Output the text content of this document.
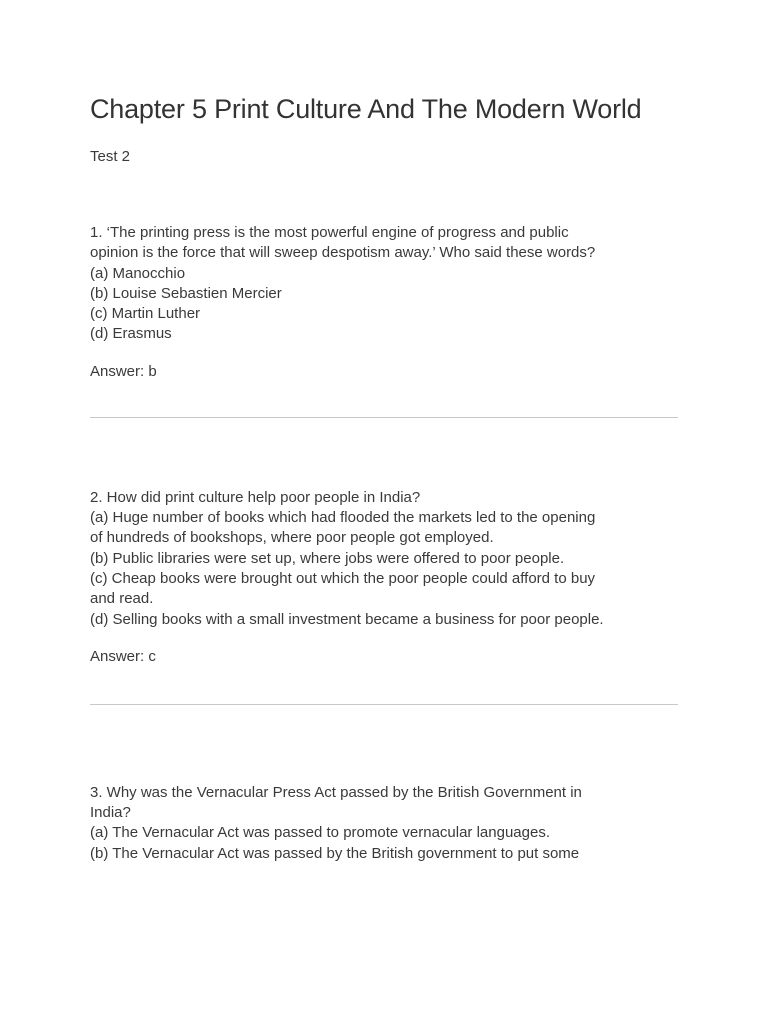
Chapter 5 Print Culture And The Modern World
Test 2
1. ‘The printing press is the most powerful engine of progress and public
opinion is the force that will sweep despotism away.’ Who said these words?
(a) Manocchio
(b) Louise Sebastien Mercier
(c) Martin Luther
(d) Erasmus
Answer: b
2. How did print culture help poor people in India?
(a) Huge number of books which had flooded the markets led to the opening
of hundreds of bookshops, where poor people got employed.
(b) Public libraries were set up, where jobs were offered to poor people.
(c) Cheap books were brought out which the poor people could afford to buy
and read.
(d) Selling books with a small investment became a business for poor people.
Answer: c
3. Why was the Vernacular Press Act passed by the British Government in
India?
(a) The Vernacular Act was passed to promote vernacular languages.
(b) The Vernacular Act was passed by the British government to put some
